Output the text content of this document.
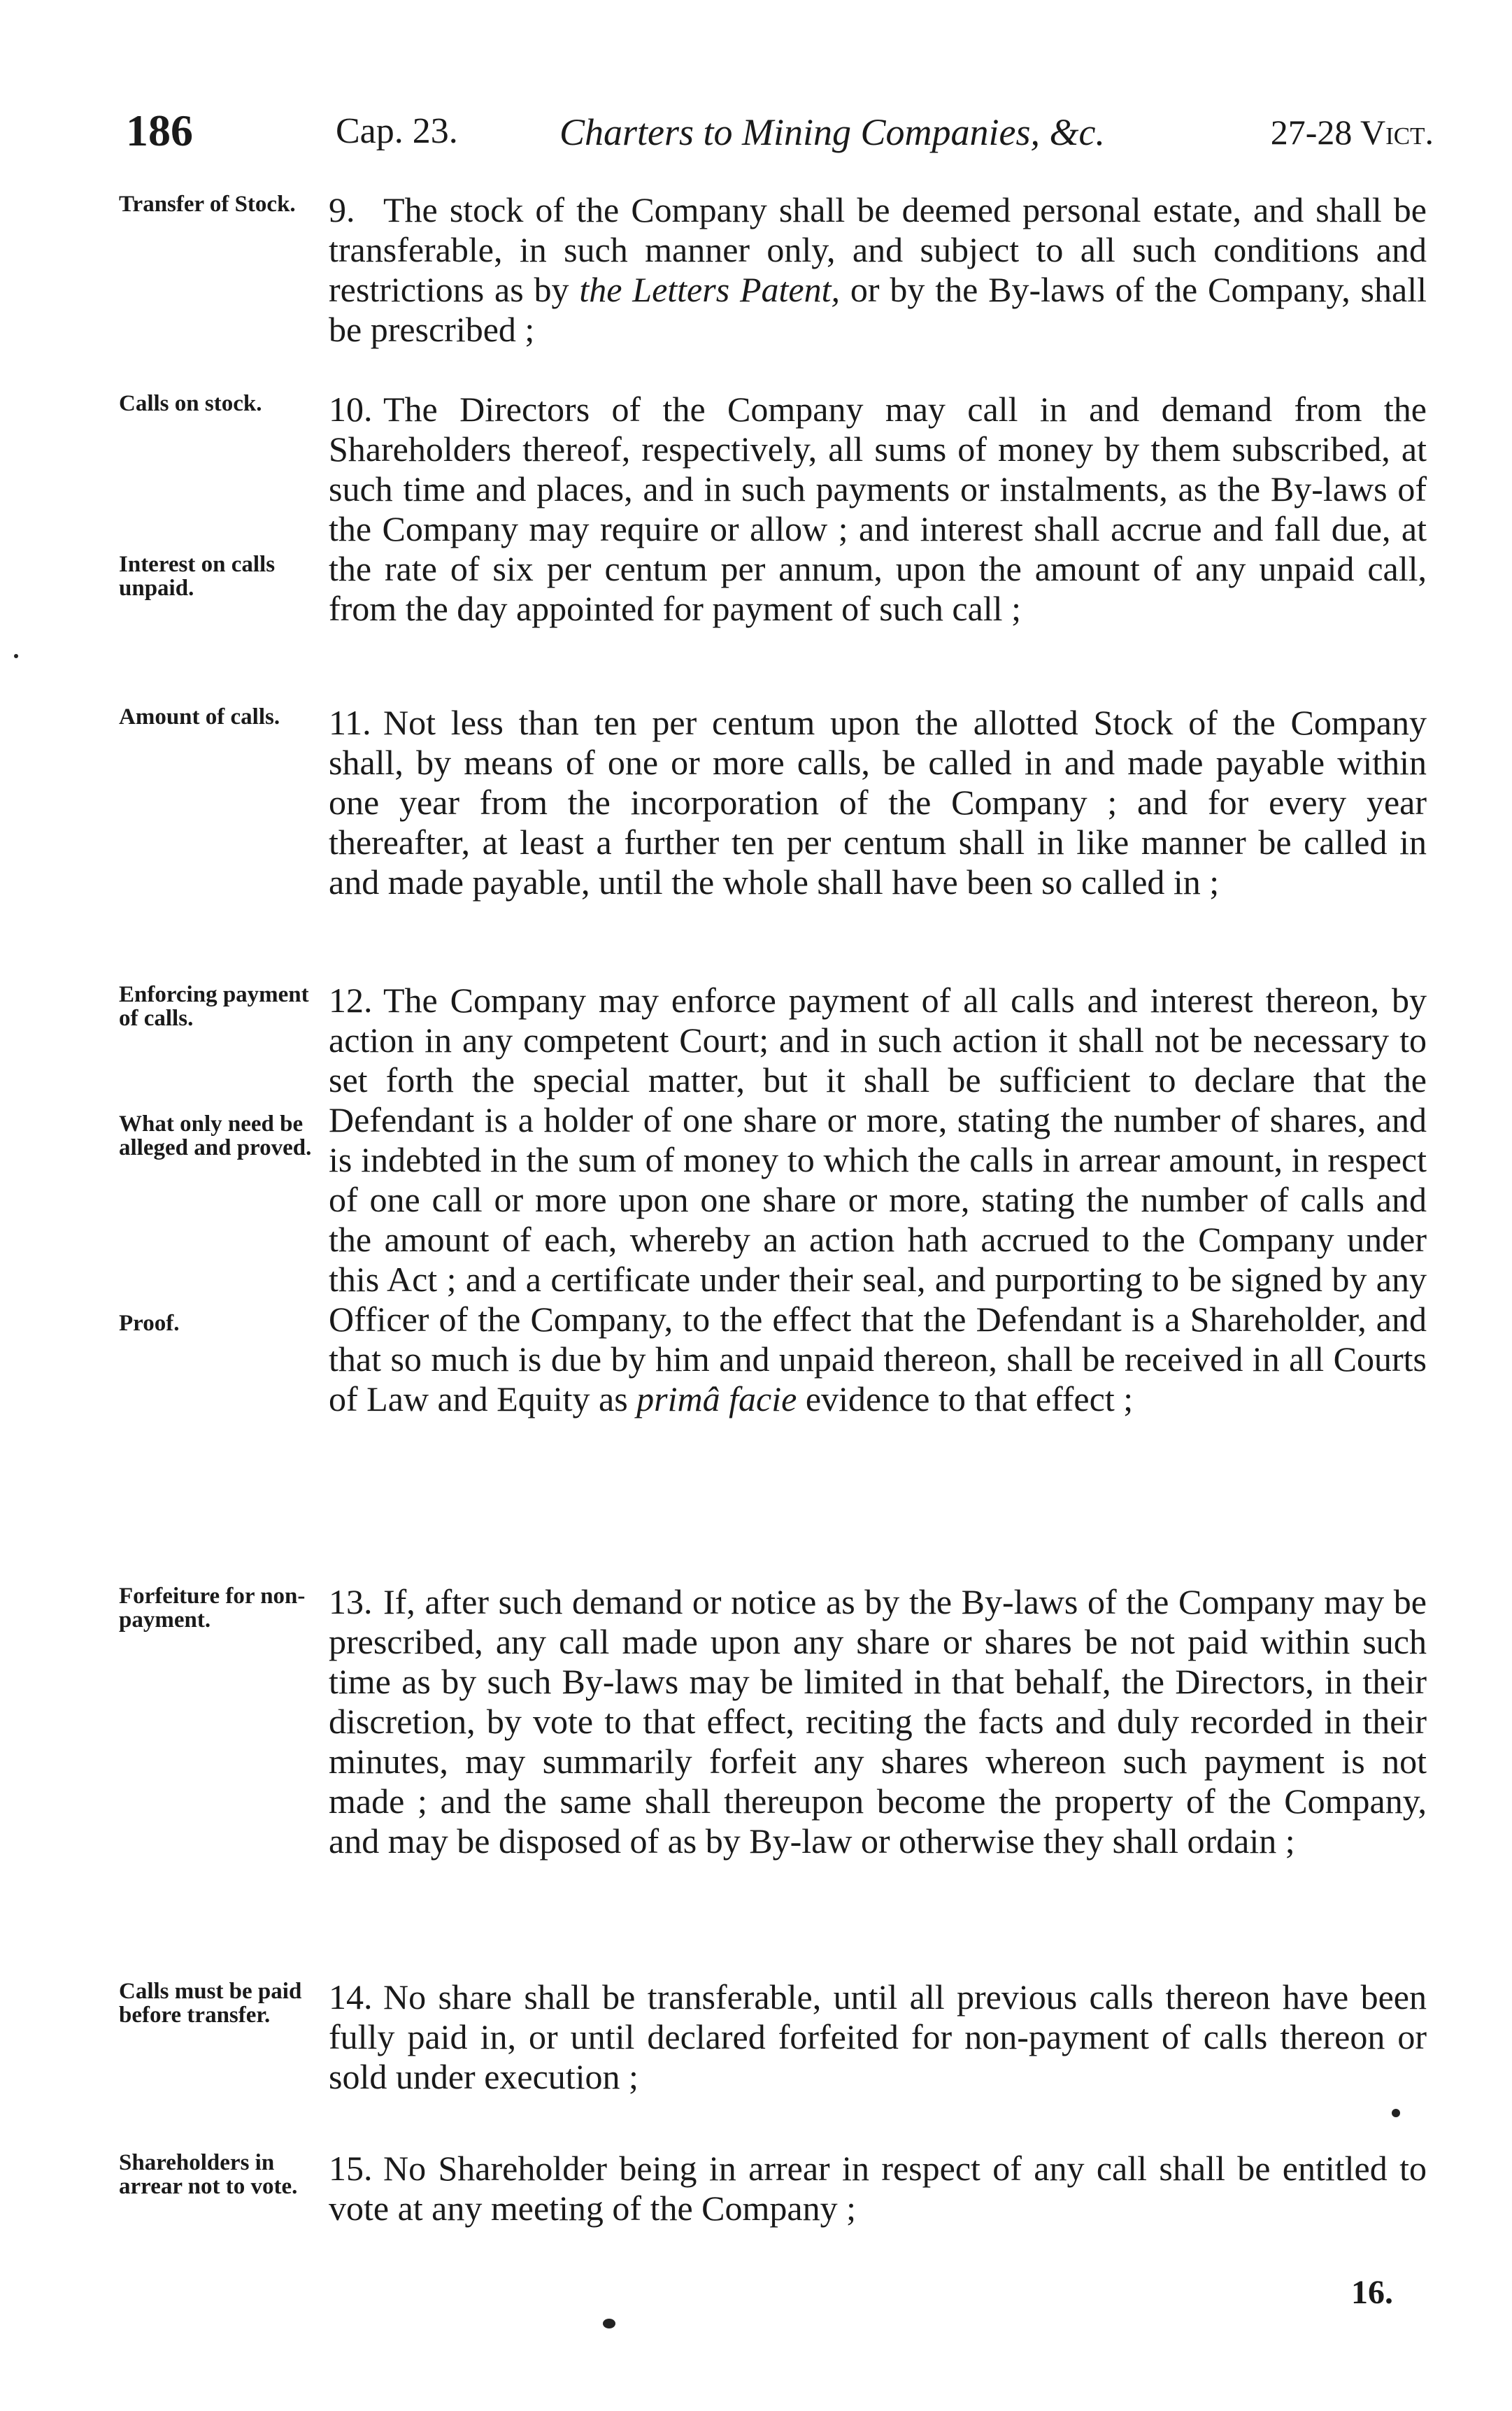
186	Cap. 23.	Charters to Mining Companies, &c.	27-28 Vict.

Transfer of Stock. 9. The stock of the Company shall be deemed personal estate, and shall be transferable, in such manner only, and subject to all such conditions and restrictions as by the Letters Patent, or by the By-laws of the Company, shall be prescribed ;

Calls on stock.

Interest on calls unpaid.

10. The Directors of the Company may call in and demand from the Shareholders thereof, respectively, all sums of money by them subscribed, at such time and places, and in such payments or instalments, as the By-laws of the Company may require or allow ; and interest shall accrue and fall due, at the rate of six per centum per annum, upon the amount of any unpaid call, from the day appointed for payment of such call ;

Amount of calls.	11. Not less than ten per centum upon the allotted Stock of the Company shall, by means of one or more calls, be called in and made payable within one year from the incorporation of the Company ; and for every year thereafter, at least a further ten per centum shall in like manner be called in and made payable, until the whole shall have been so called in ;

Enforcing payment of calls.

What only need be alleged and proved.

Proof.

12. The Company may enforce payment of all calls and interest thereon, by action in any competent Court; and in such action it shall not be necessary to set forth the special matter, but it shall be sufficient to declare that the Defendant is a holder of one share or more, stating the number of shares, and is indebted in the sum of money to which the calls in arrear amount, in respect of one call or more upon one share or more, stating the number of calls and the amount of each, whereby an action hath accrued to the Company under this Act ; and a certificate under their seal, and purporting to be signed by any Officer of the Company, to the effect that the Defendant is a Shareholder, and that so much is due by him and unpaid thereon, shall be received in all Courts of Law and Equity as primâ facie evidence to that effect ;

Forfeiture for non-payment.	13. If, after such demand or notice as by the By-laws of the Company may be prescribed, any call made upon any share or shares be not paid within such time as by such By-laws may be limited in that behalf, the Directors, in their discretion, by vote to that effect, reciting the facts and duly recorded in their minutes, may summarily forfeit any shares whereon such payment is not made ; and the same shall thereupon become the property of the Company, and may be disposed of as by By-law or otherwise they shall ordain ;

Calls must be paid before transfer.	14. No share shall be transferable, until all previous calls thereon have been fully paid in, or until declared forfeited for non-payment of calls thereon or sold under execution ;

Shareholders in arrear not to vote. 15. No Shareholder being in arrear in respect of any call shall be entitled to vote at any meeting of the Company ;

16.
